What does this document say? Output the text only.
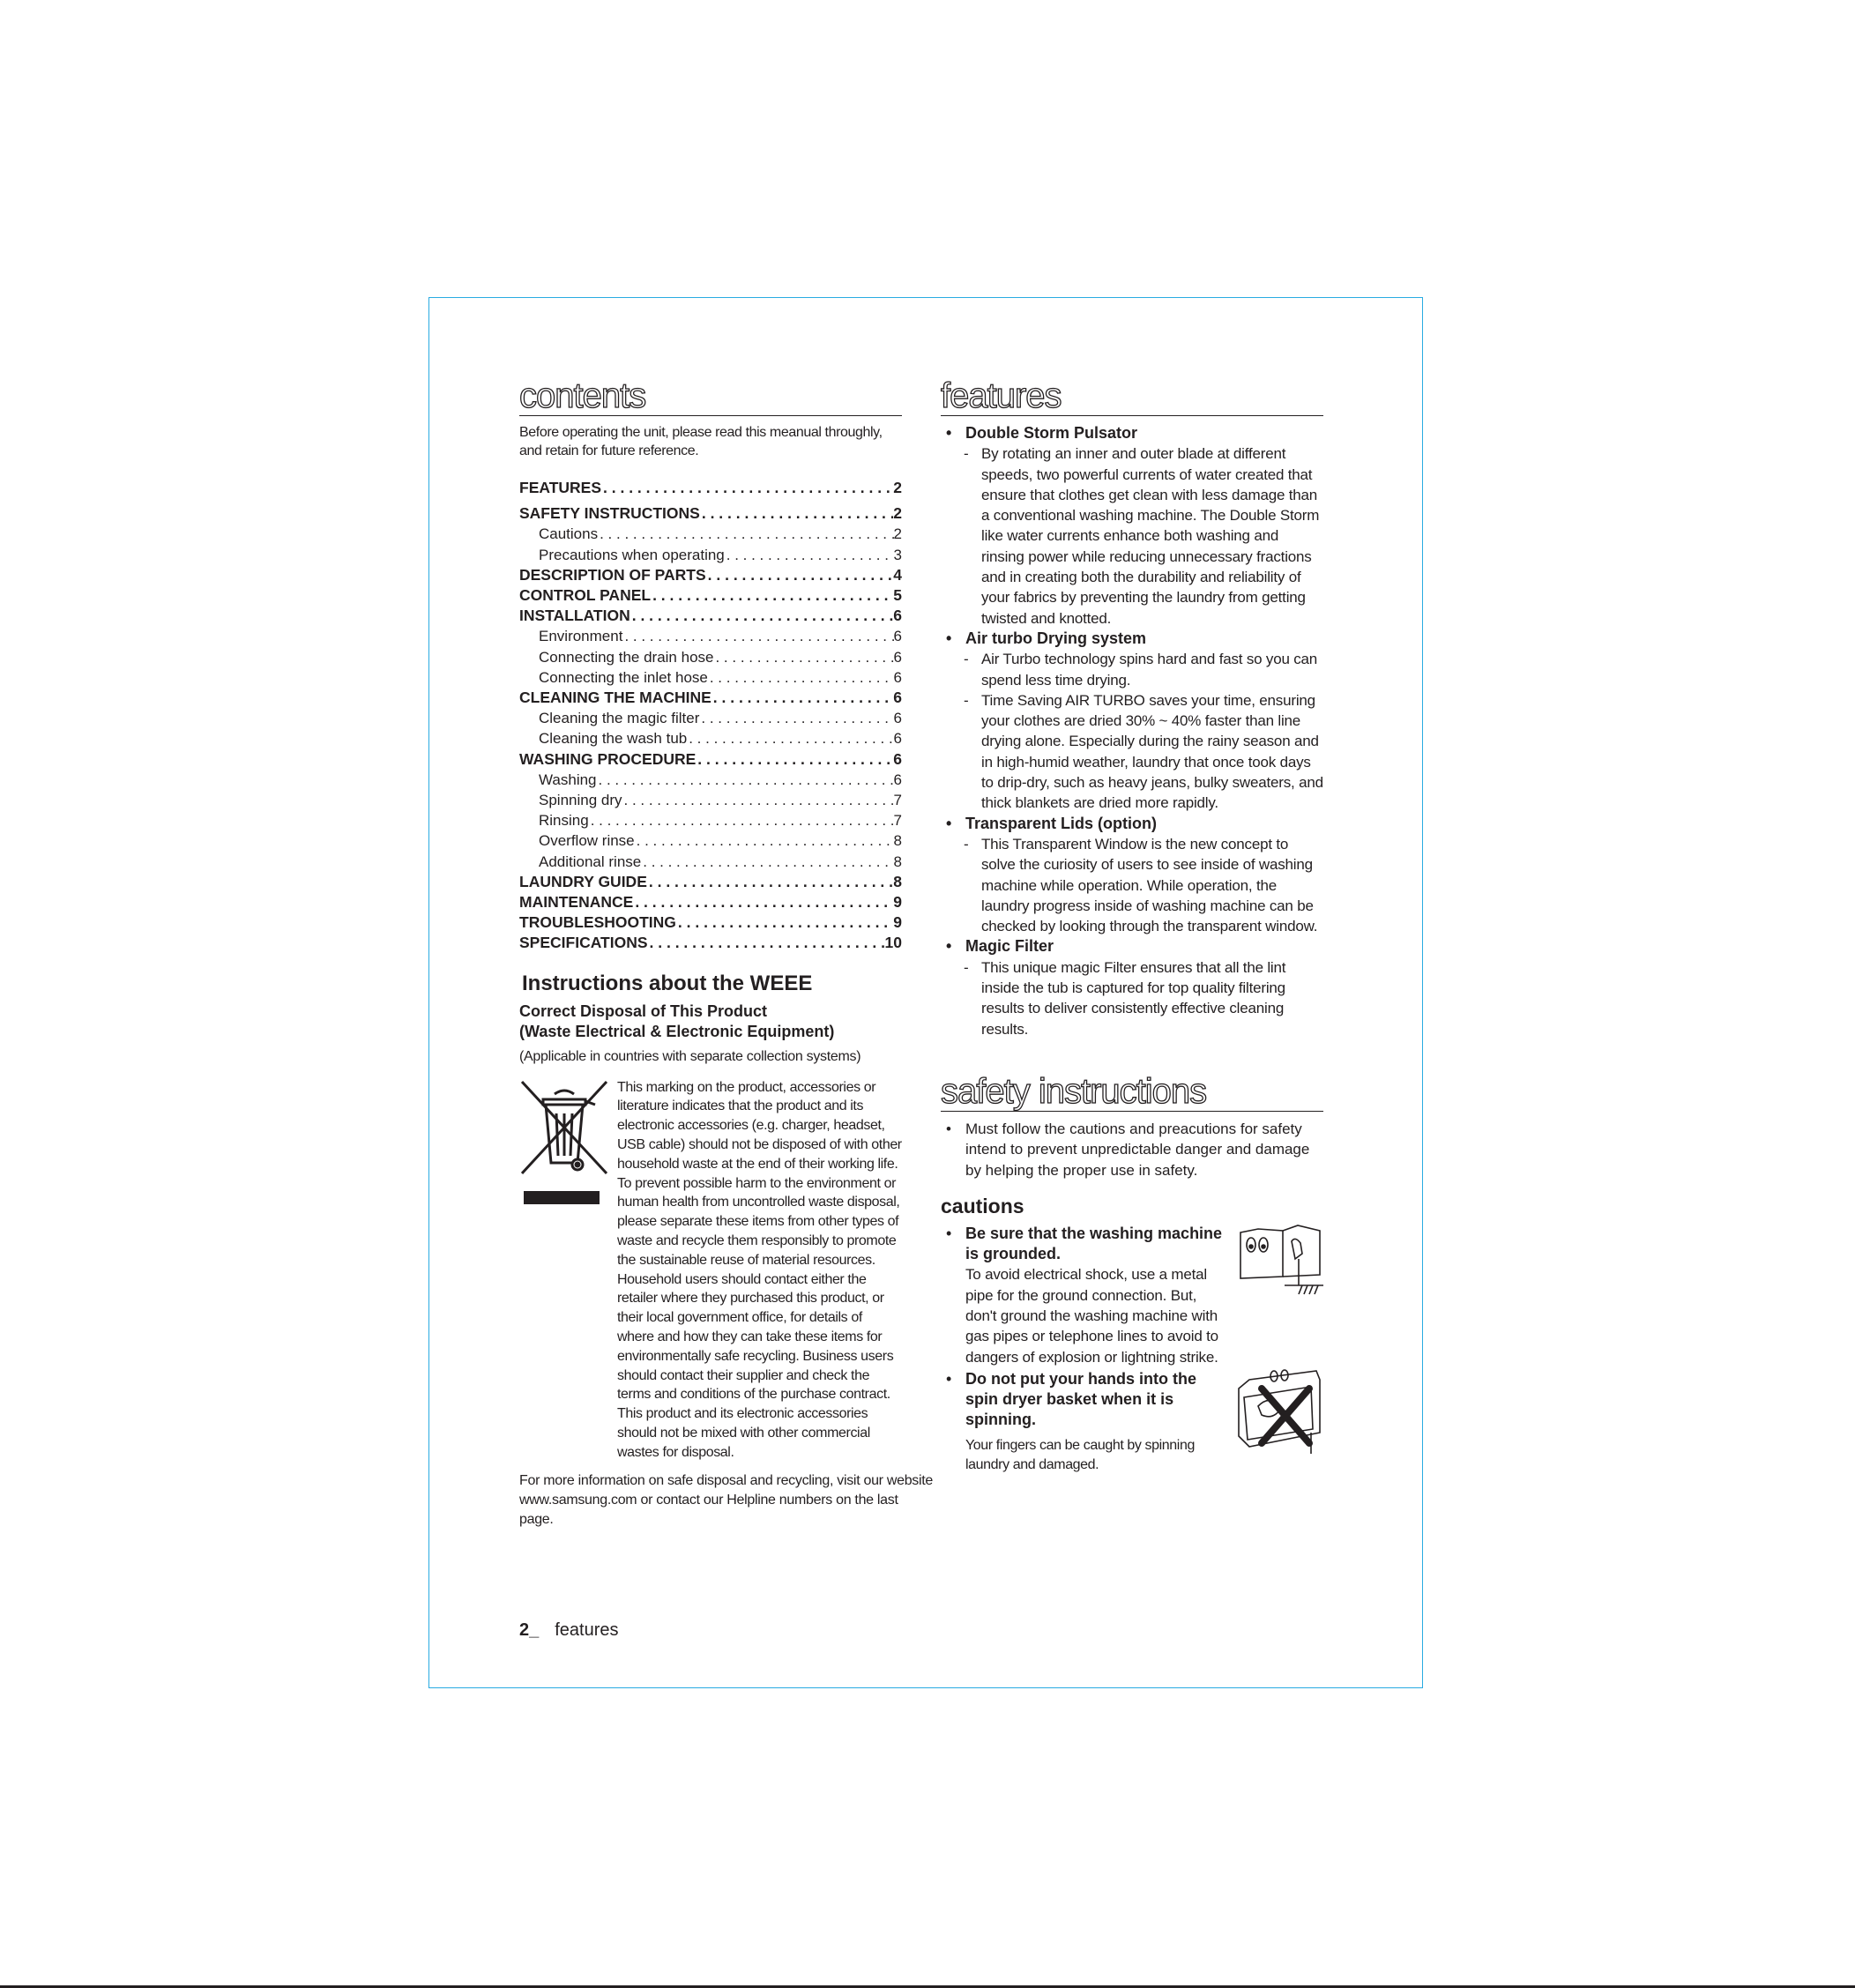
contents

Before operating the unit, please read this meanual throughly, and retain for future reference.

FEATURES . . .	2
SAFETY INSTRUCTIONS . . .	2
Cautions . . .	2
Precautions when operating . . .	3
DESCRIPTION OF PARTS . . .	4
CONTROL PANEL . . .	5
INSTALLATION . . .	6
Environment . . .	6
Connecting the drain hose . . .	6
Connecting the inlet hose . . .	6
CLEANING THE MACHINE . . .	6
Cleaning the magic filter . . .	6
Cleaning the wash tub . . .	6
WASHING PROCEDURE . . .	6
Washing . . .	6
Spinning dry . . .	7
Rinsing . . .	7
Overflow rinse . . .	8
Additional rinse . . .	8
LAUNDRY GUIDE . . .	8
MAINTENANCE . . .	9
TROUBLESHOOTING . . .	9
SPECIFICATIONS . . .	10
Instructions about the WEEE
Correct Disposal of This Product
(Waste Electrical & Electronic Equipment)
(Applicable in countries with separate collection systems)

This marking on the product, accessories or literature indicates that the product and its electronic accessories (e.g. charger, headset, USB cable) should not be disposed of with other household waste at the end of their working life. To prevent possible harm to the environment or human health from uncontrolled waste disposal, please separate these items from other types of waste and recycle them responsibly to promote the sustainable reuse of material resources. Household users should contact either the retailer where they purchased this product, or their local government office, for details of where and how they can take these items for environmentally safe recycling. Business users should contact their supplier and check the terms and conditions of the purchase contract. This product and its electronic accessories should not be mixed with other commercial wastes for disposal.

For more information on safe disposal and recycling, visit our website www.samsung.com or contact our Helpline numbers on the last page.

2_ features
features
• Double Storm Pulsator
- By rotating an inner and outer blade at different speeds, two powerful currents of water created that ensure that clothes get clean with less damage than a conventional washing machine. The Double Storm like water currents enhance both washing and rinsing power while reducing unnecessary fractions and in creating both the durability and reliability of your fabrics by preventing the laundry from getting twisted and knotted.
• Air turbo Drying system
- Air Turbo technology spins hard and fast so you can spend less time drying.
- Time Saving AIR TURBO saves your time, ensuring your clothes are dried 30% ~ 40% faster than line drying alone. Especially during the rainy season and in high-humid weather, laundry that once took days to drip-dry, such as heavy jeans, bulky sweaters, and thick blankets are dried more rapidly.
• Transparent Lids (option)
- This Transparent Window is the new concept to solve the curiosity of users to see inside of washing machine while operation. While operation, the laundry progress inside of washing machine can be checked by looking through the transparent window.
• Magic Filter
- This unique magic Filter ensures that all the lint inside the tub is captured for top quality filtering results to deliver consistently effective cleaning results.
safety instructions
• Must follow the cautions and preacutions for safety intend to prevent unpredictable danger and damage by helping the proper use in safety.
cautions
• Be sure that the washing machine is grounded.
To avoid electrical shock, use a metal pipe for the ground connection. But, don't ground the washing machine with gas pipes or telephone lines to avoid to dangers of explosion or lightning strike.
• Do not put your hands into the spin dryer basket when it is spinning.
Your fingers can be caught by spinning laundry and damaged.
